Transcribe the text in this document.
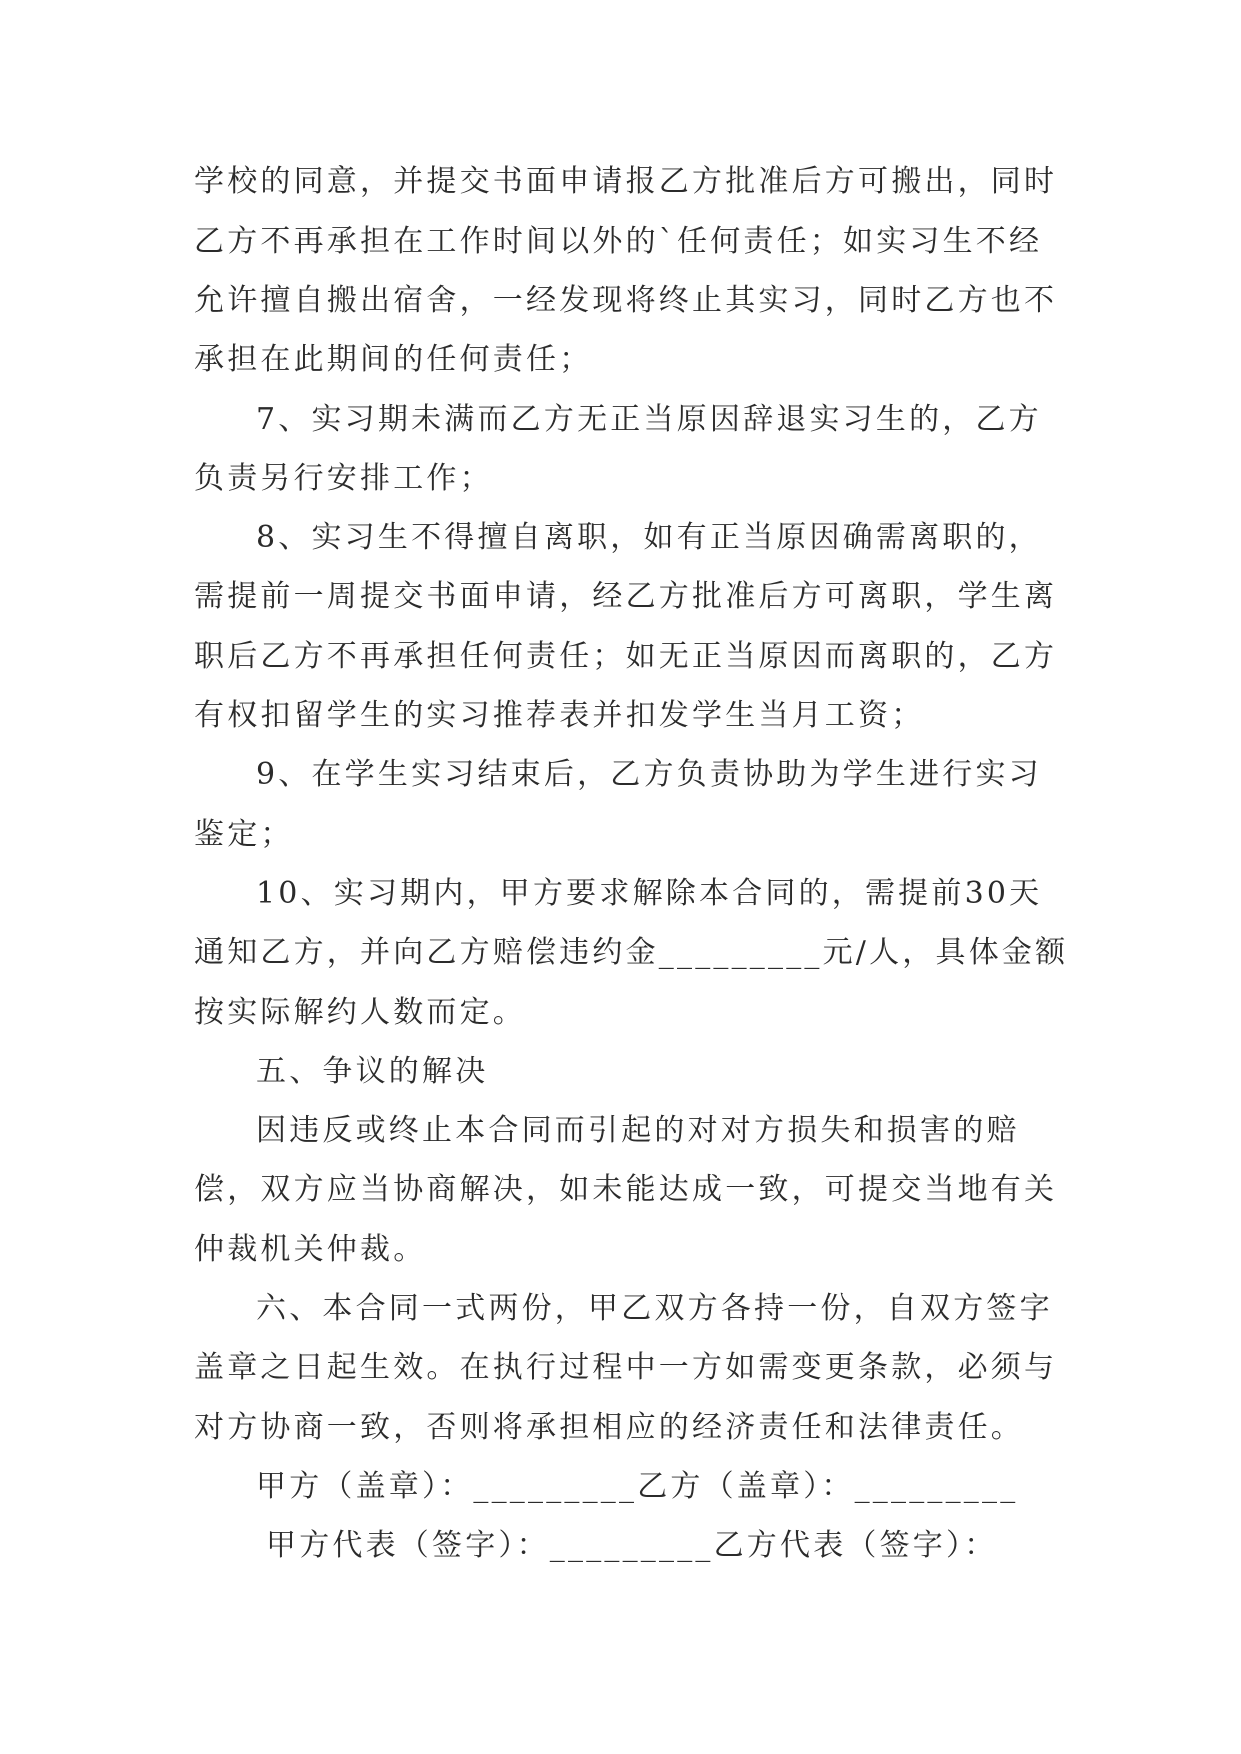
学校的同意，并提交书面申请报乙方批准后方可搬出，同时
乙方不再承担在工作时间以外的`任何责任；如实习生不经
允许擅自搬出宿舍，一经发现将终止其实习，同时乙方也不
承担在此期间的任何责任；
7、实习期未满而乙方无正当原因辞退实习生的，乙方
负责另行安排工作；
8、实习生不得擅自离职，如有正当原因确需离职的，
需提前一周提交书面申请，经乙方批准后方可离职，学生离
职后乙方不再承担任何责任；如无正当原因而离职的，乙方
有权扣留学生的实习推荐表并扣发学生当月工资；
9、在学生实习结束后，乙方负责协助为学生进行实习
鉴定；
10、实习期内，甲方要求解除本合同的，需提前30天
通知乙方，并向乙方赔偿违约金_________元/人，具体金额
按实际解约人数而定。
五、争议的解决
因违反或终止本合同而引起的对对方损失和损害的赔
偿，双方应当协商解决，如未能达成一致，可提交当地有关
仲裁机关仲裁。
六、本合同一式两份，甲乙双方各持一份，自双方签字
盖章之日起生效。在执行过程中一方如需变更条款，必须与
对方协商一致，否则将承担相应的经济责任和法律责任。
甲方（盖章）：_________乙方（盖章）：_________
甲方代表（签字）：_________乙方代表（签字）：
